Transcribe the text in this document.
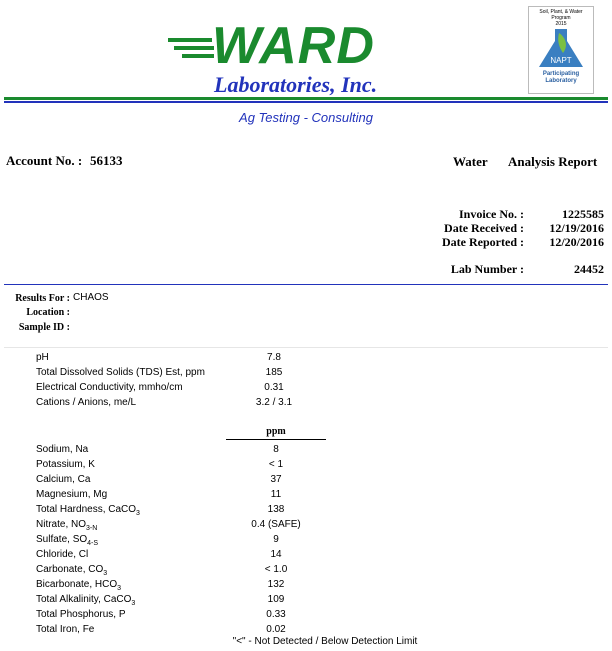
WARD
Laboratories, Inc.
Soil, Plant, & Water
Program
2015
NAPT
Participating
Laboratory
Ag Testing - Consulting
Account No. : 56133	Water Analysis Report
Invoice No. :	1225585
Date Received :	12/19/2016
Date Reported :	12/20/2016
Lab Number :	24452
Results For : CHAOS
Location :
Sample ID :
pH	7.8
Total Dissolved Solids (TDS) Est, ppm	185
Electrical Conductivity, mmho/cm	0.31
Cations / Anions, me/L	3.2 / 3.1
ppm
Sodium, Na	8
Potassium, K	< 1
Calcium, Ca	37
Magnesium, Mg	11
Total Hardness, CaCO$_3$	138
Nitrate, $NO_{3-N}$	0.4 (SAFE)
Sulfate, $SO_{4-S}$	9
Chloride, Cl	14
Carbonate, $CO_3$	< 1.0
Bicarbonate, $HCO_3$	132
Total Alkalinity, CaCO$_3$	109
Total Phosphorus, P	0.33
Total Iron, Fe	0.02
"<" - Not Detected / Below Detection Limit
